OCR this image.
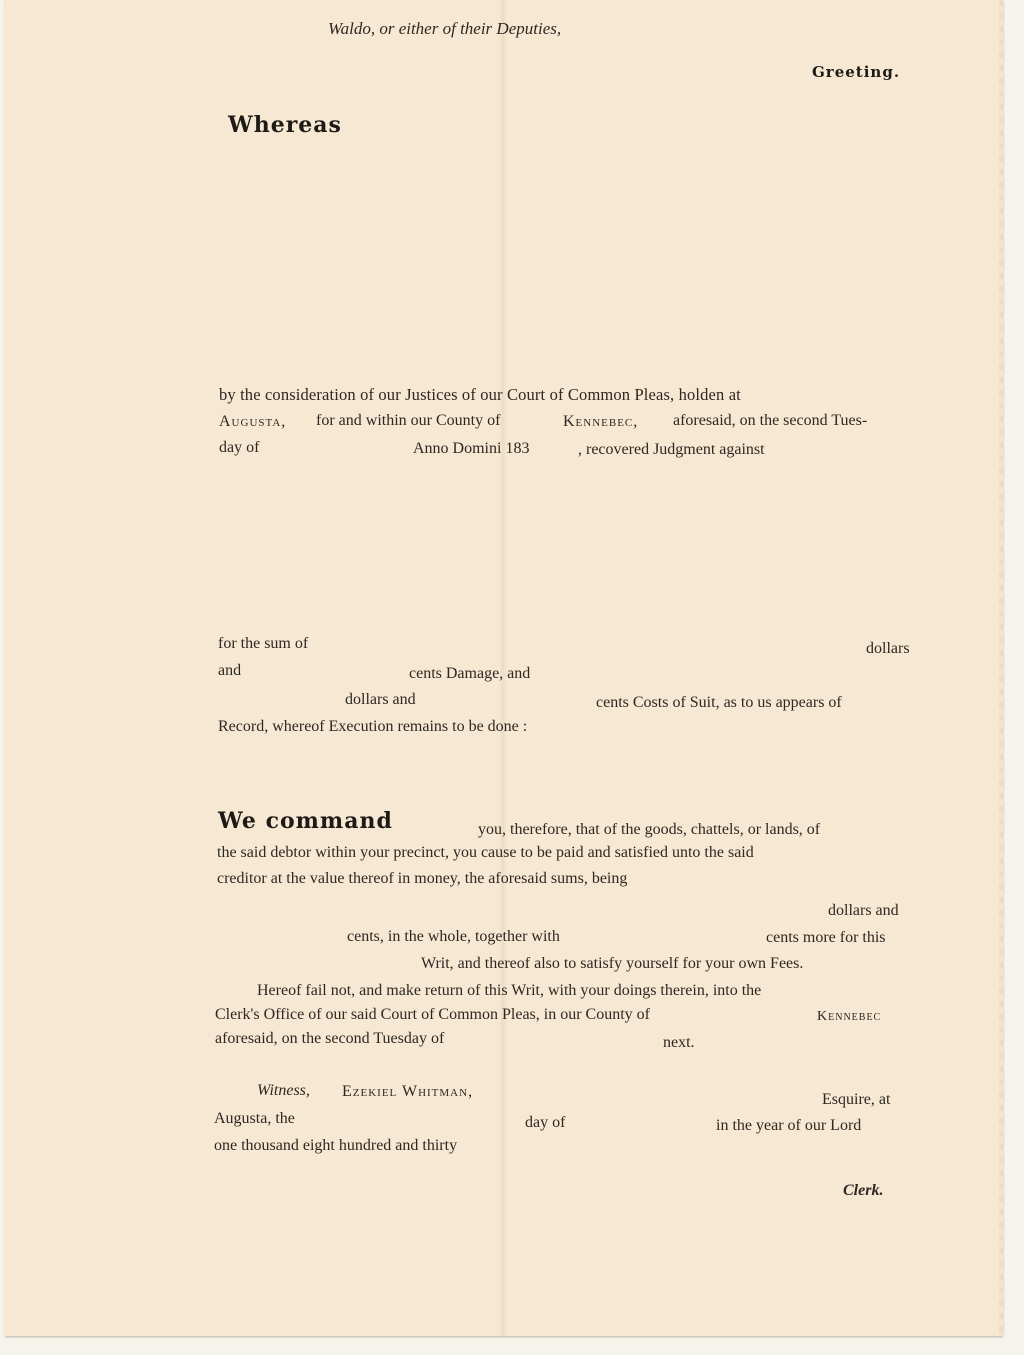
Waldo, or either of their Deputies,
Greeting.
Whereas
by the consideration of our Justices of our Court of Common Pleas, holden at
Augusta, for and within our County of	Kennebec, aforesaid, on the second Tues-
day of	Anno Domini 183	, recovered Judgment against
for the sum of	dollars
and	cents Damage, and
dollars and	cents Costs of Suit, as to us appears of
Record, whereof Execution remains to be done :
We command	you, therefore, that of the goods, chattels, or lands, of
the said debtor within your precinct, you cause to be paid and satisfied unto the said
creditor at the value thereof in money, the aforesaid sums, being
dollars and
cents, in the whole, together with	cents more for this
Writ, and thereof also to satisfy yourself for your own Fees.
Hereof fail not, and make return of this Writ, with your doings therein, into the
Clerk's Office of our said Court of Common Pleas, in our County of	Kennebec
aforesaid, on the second Tuesday of	next.
Witness, Ezekiel Whitman,	Esquire, at
Augusta, the	day of	in the year of our Lord
one thousand eight hundred and thirty
Clerk.
